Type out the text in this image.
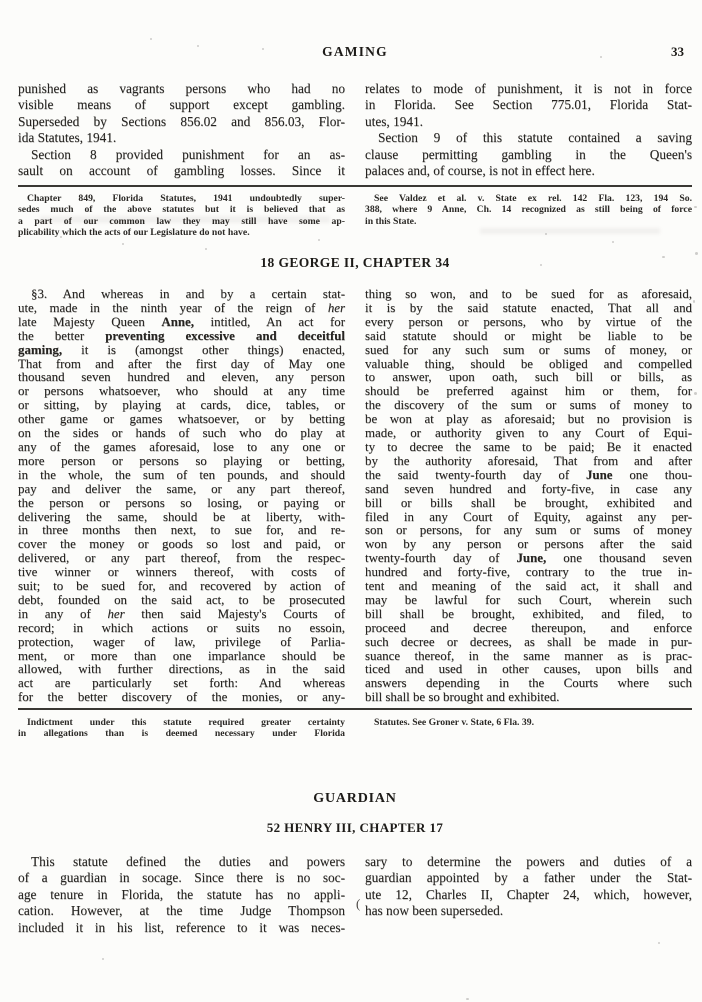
GAMING	33
punished as vagrants persons who had no
visible means of support except gambling.
Superseded by Sections 856.02 and 856.03, Flor-
ida Statutes, 1941.
Section 8 provided punishment for an as-
sault on account of gambling losses. Since it
relates to mode of punishment, it is not in force
in Florida. See Section 775.01, Florida Stat-
utes, 1941.
Section 9 of this statute contained a saving
clause permitting gambling in the Queen's
palaces and, of course, is not in effect here.
Chapter 849, Florida Statutes, 1941 undoubtedly super-
sedes much of the above statutes but it is believed that as
a part of our common law they may still have some ap-
plicability which the acts of our Legislature do not have.
See Valdez et al. v. State ex rel. 142 Fla. 123, 194 So.
388, where 9 Anne, Ch. 14 recognized as still being of force
in this State.
18 GEORGE II, CHAPTER 34
§3. And whereas in and by a certain stat-
ute, made in the ninth year of the reign of her
late Majesty Queen Anne, intitled, An act for
the better preventing excessive and deceitful
gaming, it is (amongst other things) enacted,
That from and after the first day of May one
thousand seven hundred and eleven, any person
or persons whatsoever, who should at any time
or sitting, by playing at cards, dice, tables, or
other game or games whatsoever, or by betting
on the sides or hands of such who do play at
any of the games aforesaid, lose to any one or
more person or persons so playing or betting,
in the whole, the sum of ten pounds, and should
pay and deliver the same, or any part thereof,
the person or persons so losing, or paying or
delivering the same, should be at liberty, with-
in three months then next, to sue for, and re-
cover the money or goods so lost and paid, or
delivered, or any part thereof, from the respec-
tive winner or winners thereof, with costs of
suit; to be sued for, and recovered by action of
debt, founded on the said act, to be prosecuted
in any of her then said Majesty's Courts of
record; in which actions or suits no essoin,
protection, wager of law, privilege of Parlia-
ment, or more than one imparlance should be
allowed, with further directions, as in the said
act are particularly set forth: And whereas
for the better discovery of the monies, or any-
thing so won, and to be sued for as aforesaid,
it is by the said statute enacted, That all and
every person or persons, who by virtue of the
said statute should or might be liable to be
sued for any such sum or sums of money, or
valuable thing, should be obliged and compelled
to answer, upon oath, such bill or bills, as
should be preferred against him or them, for
the discovery of the sum or sums of money to
be won at play as aforesaid; but no provision is
made, or authority given to any Court of Equi-
ty to decree the same to be paid; Be it enacted
by the authority aforesaid, That from and after
the said twenty-fourth day of June one thou-
sand seven hundred and forty-five, in case any
bill or bills shall be brought, exhibited and
filed in any Court of Equity, against any per-
son or persons, for any sum or sums of money
won by any person or persons after the said
twenty-fourth day of June, one thousand seven
hundred and forty-five, contrary to the true in-
tent and meaning of the said act, it shall and
may be lawful for such Court, wherein such
bill shall be brought, exhibited, and filed, to
proceed and decree thereupon, and enforce
such decree or decrees, as shall be made in pur-
suance thereof, in the same manner as is prac-
ticed and used in other causes, upon bills and
answers depending in the Courts where such
bill shall be so brought and exhibited.
Indictment under this statute required greater certainty
in allegations than is deemed necessary under Florida
Statutes. See Groner v. State, 6 Fla. 39.
GUARDIAN
52 HENRY III, CHAPTER 17
This statute defined the duties and powers
of a guardian in socage. Since there is no soc-
age tenure in Florida, the statute has no appli-
cation. However, at the time Judge Thompson
included it in his list, reference to it was neces-
sary to determine the powers and duties of a
guardian appointed by a father under the Stat-
ute 12, Charles II, Chapter 24, which, however,
has now been superseded.
(
